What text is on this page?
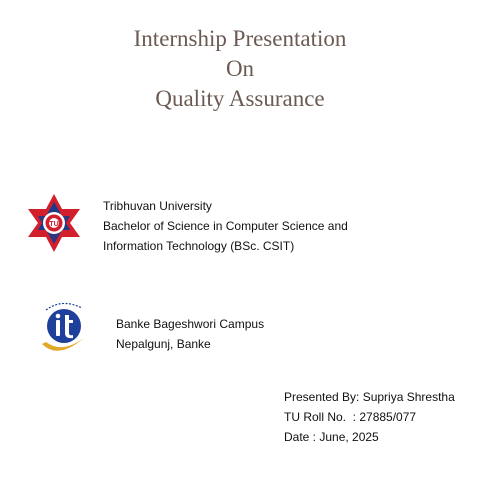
Internship Presentation
On
Quality Assurance
TU
Tribhuvan University
Bachelor of Science in Computer Science and
Information Technology (BSc. CSIT)
Banke Bageshwori Campus
Nepalgunj, Banke
Presented By: Supriya Shrestha
TU Roll No.  : 27885/077
Date : June, 2025
